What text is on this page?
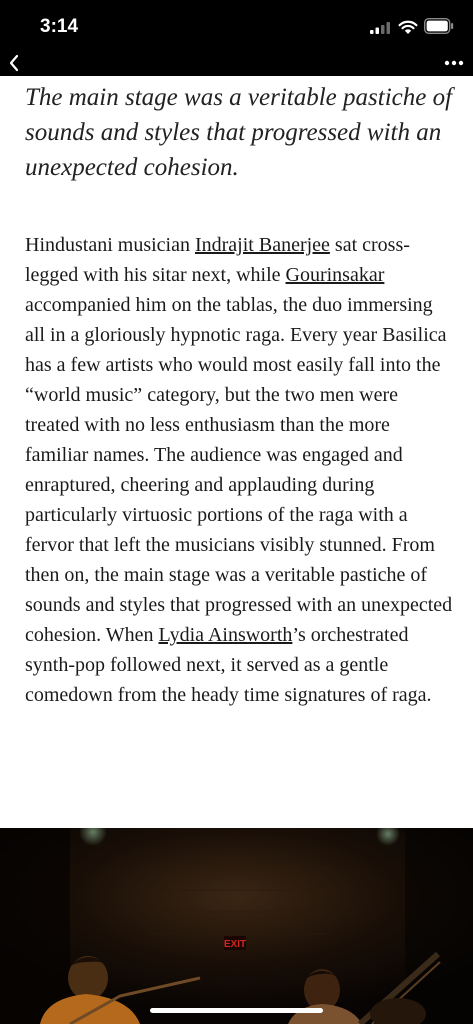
3:14
The main stage was a veritable pastiche of sounds and styles that progressed with an unexpected cohesion.

Hindustani musician Indrajit Banerjee sat cross-legged with his sitar next, while Gourinsakar accompanied him on the tablas, the duo immersing all in a gloriously hypnotic raga. Every year Basilica has a few artists who would most easily fall into the “world music” category, but the two men were treated with no less enthusiasm than the more familiar names. The audience was engaged and enraptured, cheering and applauding during particularly virtuosic portions of the raga with a fervor that left the musicians visibly stunned. From then on, the main stage was a veritable pastiche of sounds and styles that progressed with an unexpected cohesion. When Lydia Ainsworth’s orchestrated synth-pop followed next, it served as a gentle comedown from the heady time signatures of raga.

EXIT
